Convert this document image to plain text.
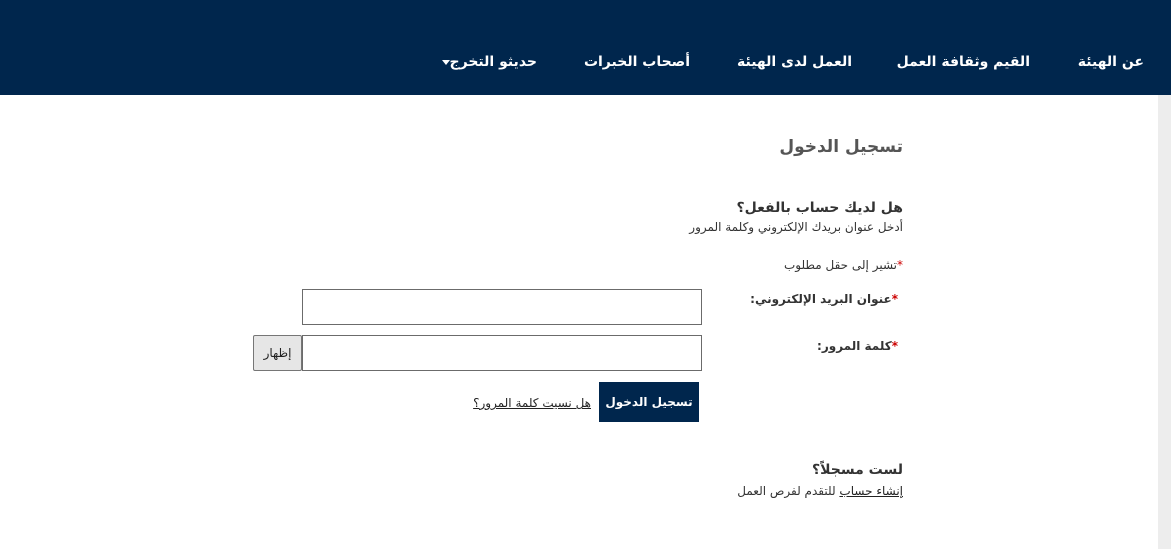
عن الهيئة
القيم وثقافة العمل
العمل لدى الهيئة
أصحاب الخبرات
حديثو التخرج
تسجيل الدخول
هل لديك حساب بالفعل؟
أدخل عنوان بريدك الإلكتروني وكلمة المرور
*تشير إلى حقل مطلوب
*عنوان البريد الإلكتروني:
*كلمة المرور:
إظهار
تسجيل الدخول
هل نسيت كلمة المرور؟
لست مسجلاً؟
إنشاء حساب للتقدم لفرص العمل
